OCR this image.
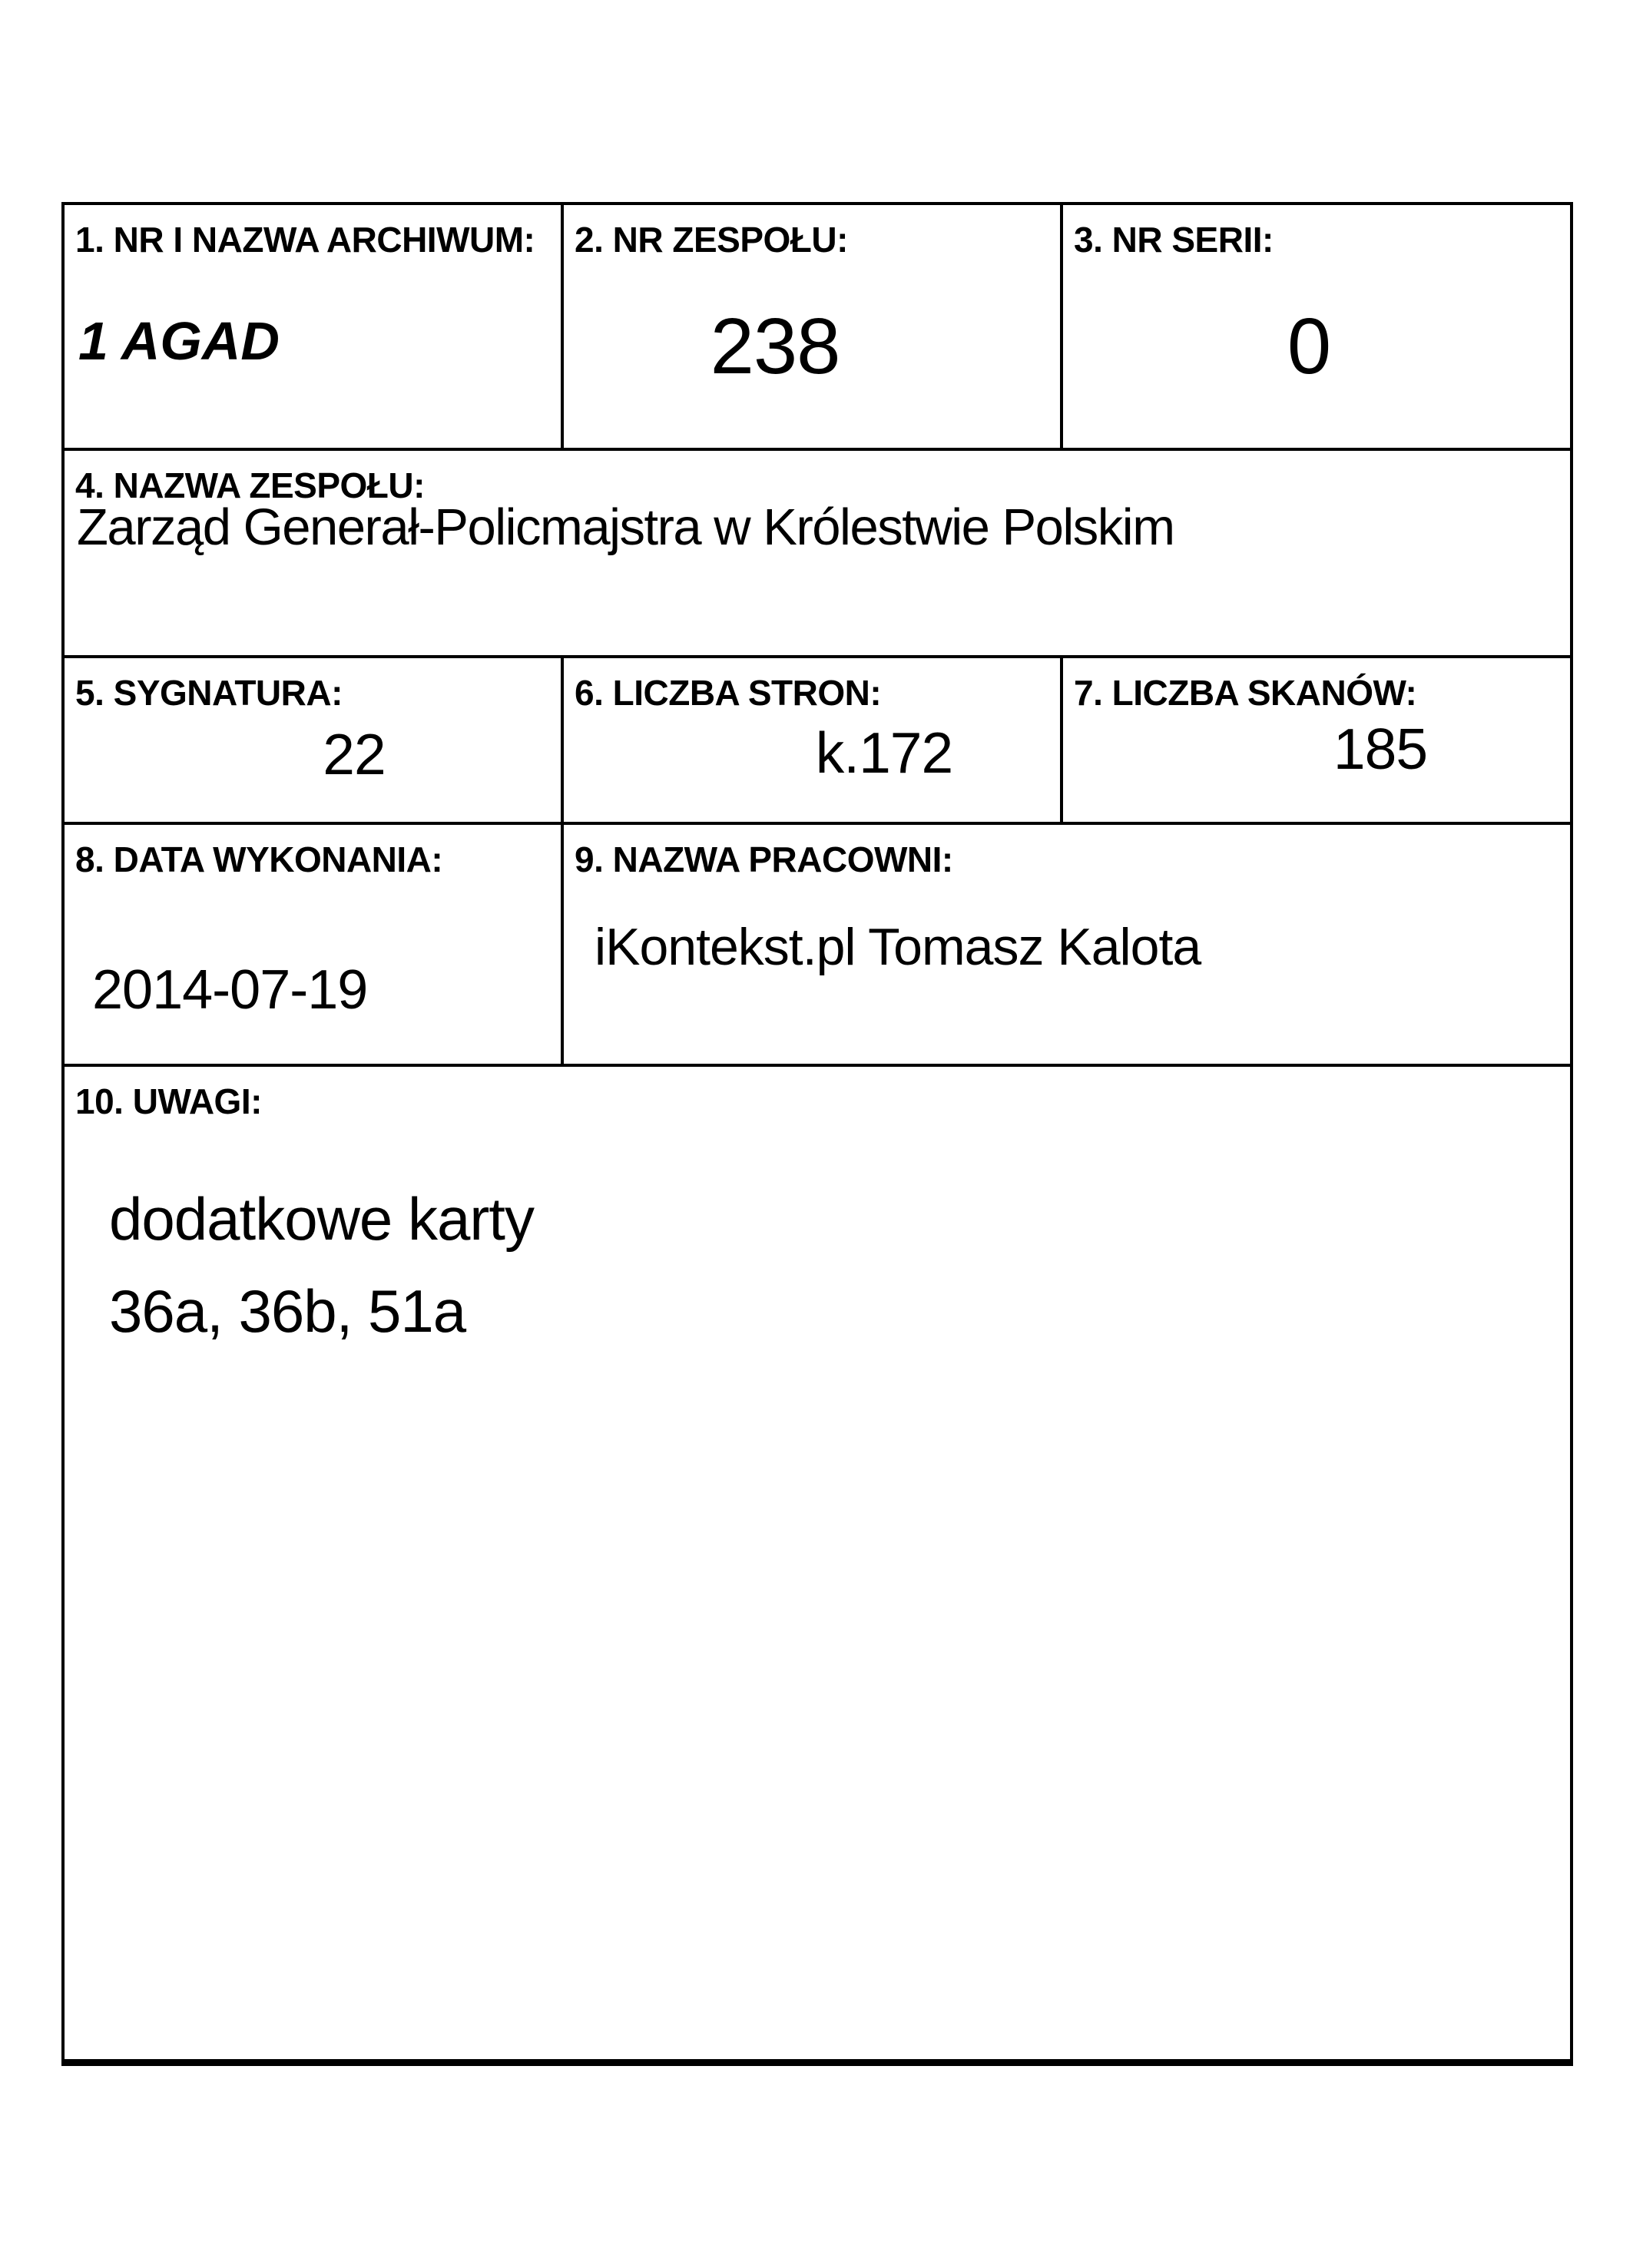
1. NR I NAZWA ARCHIWUM:
1 AGAD
2. NR ZESPOŁU:
238
3. NR SERII:
0
4. NAZWA ZESPOŁU:
Zarząd Generał-Policmajstra w Królestwie Polskim
5. SYGNATURA:
22
6. LICZBA STRON:
k.172
7. LICZBA SKANÓW:
185
8. DATA WYKONANIA:
2014-07-19
9. NAZWA PRACOWNI:
iKontekst.pl Tomasz Kalota
10. UWAGI:
dodatkowe karty
36a, 36b, 51a
